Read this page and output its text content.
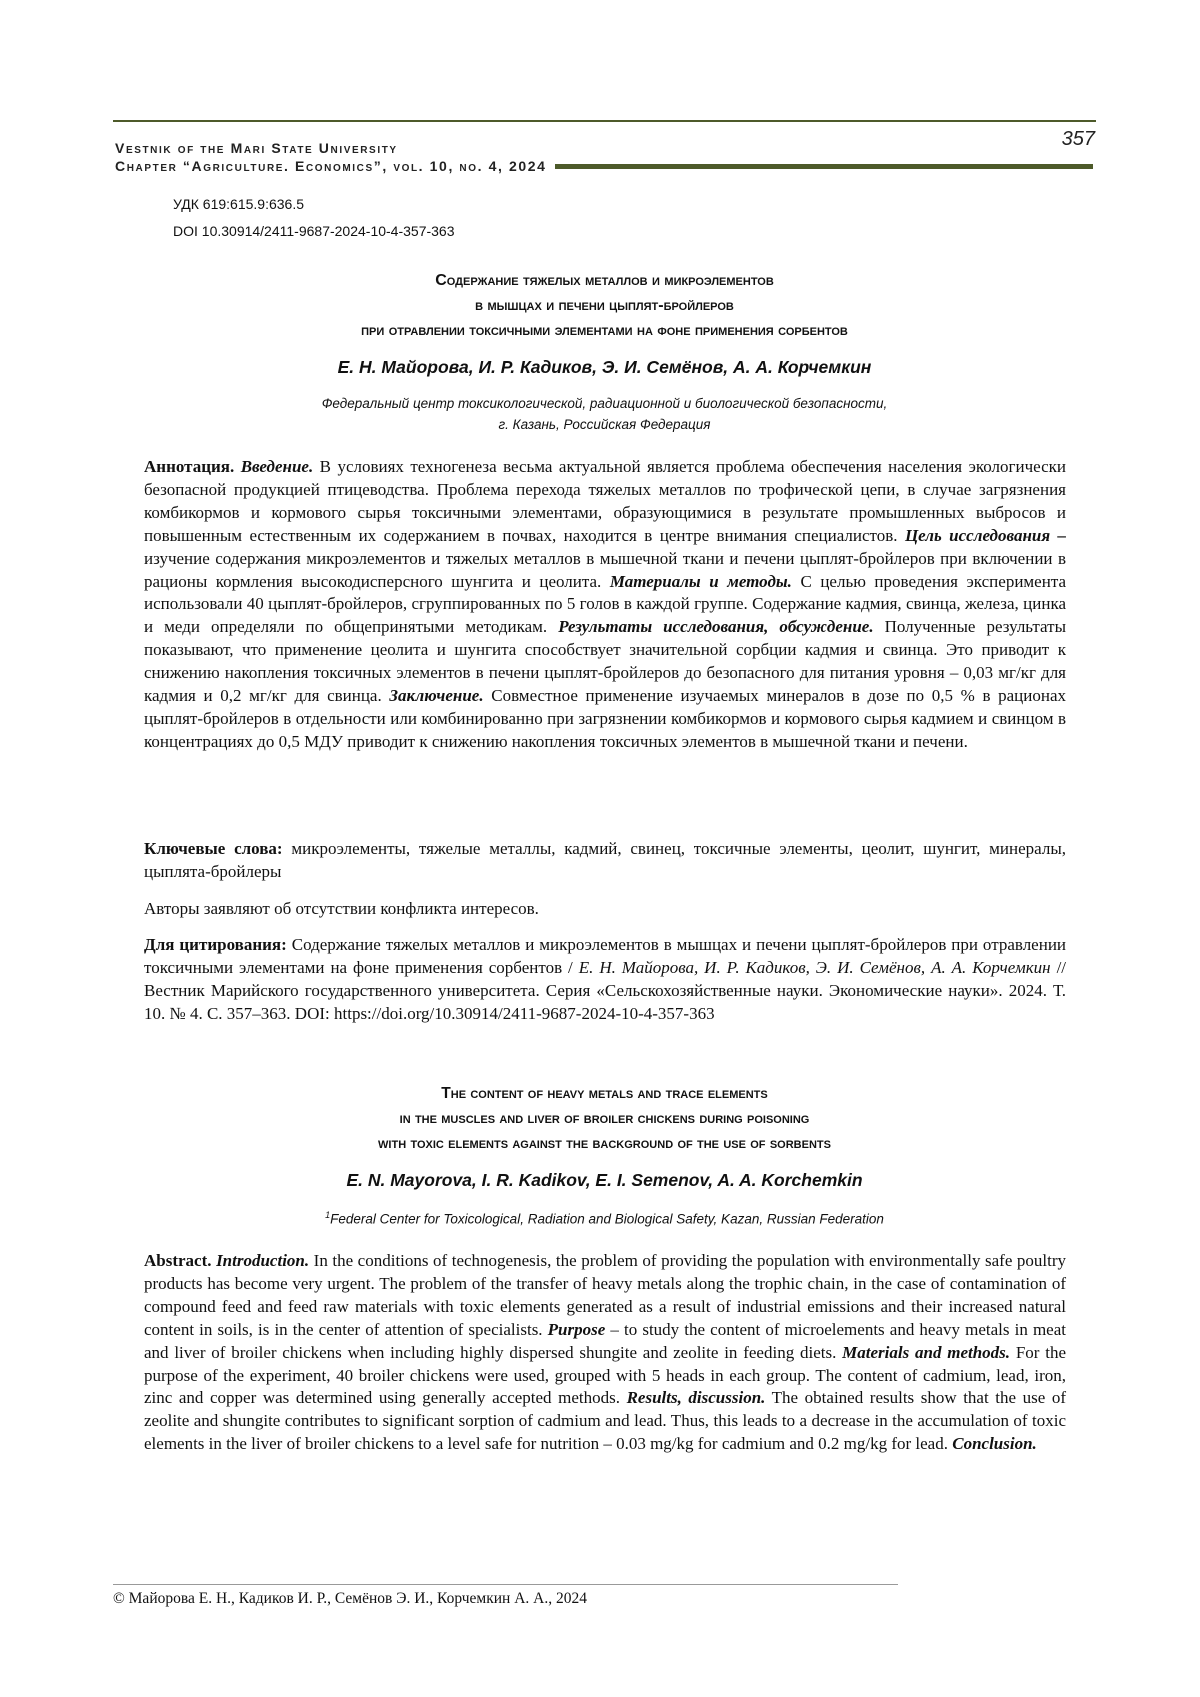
357
Vestnik of the Mari State University
Chapter “Agriculture. Economics”, vol. 10, no. 4, 2024
УДК 619:615.9:636.5
DOI 10.30914/2411-9687-2024-10-4-357-363
Содержание тяжелых металлов и микроэлементов
в мышцах и печени цыплят-бройлеров
при отравлении токсичными элементами на фоне применения сорбентов
Е. Н. Майорова, И. Р. Кадиков, Э. И. Семёнов, А. А. Корчемкин
Федеральный центр токсикологической, радиационной и биологической безопасности,
г. Казань, Российская Федерация
Аннотация. Введение. В условиях техногенеза весьма актуальной является проблема обеспечения населения экологически безопасной продукцией птицеводства. Проблема перехода тяжелых металлов по трофической цепи, в случае загрязнения комбикормов и кормового сырья токсичными элементами, образующимися в результате промышленных выбросов и повышенным естественным их содержанием в почвах, находится в центре внимания специалистов. Цель исследования – изучение содержания микроэлементов и тяжелых металлов в мышечной ткани и печени цыплят-бройлеров при включении в рационы кормления высокодисперсного шунгита и цеолита. Материалы и методы. С целью проведения эксперимента использовали 40 цыплят-бройлеров, сгруппированных по 5 голов в каждой группе. Содержание кадмия, свинца, железа, цинка и меди определяли по общепринятыми методикам. Результаты исследования, обсуждение. Полученные результаты показывают, что применение цеолита и шунгита способствует значительной сорбции кадмия и свинца. Это приводит к снижению накопления токсичных элементов в печени цыплят-бройлеров до безопасного для питания уровня – 0,03 мг/кг для кадмия и 0,2 мг/кг для свинца. Заключение. Совместное применение изучаемых минералов в дозе по 0,5 % в рационах цыплят-бройлеров в отдельности или комбинированно при загрязнении комбикормов и кормового сырья кадмием и свинцом в концентрациях до 0,5 МДУ приводит к снижению накопления токсичных элементов в мышечной ткани и печени.
Ключевые слова: микроэлементы, тяжелые металлы, кадмий, свинец, токсичные элементы, цеолит, шунгит, минералы, цыплята-бройлеры
Авторы заявляют об отсутствии конфликта интересов.
Для цитирования: Содержание тяжелых металлов и микроэлементов в мышцах и печени цыплят-бройлеров при отравлении токсичными элементами на фоне применения сорбентов / Е. Н. Майорова, И. Р. Кадиков, Э. И. Семёнов, А. А. Корчемкин // Вестник Марийского государственного университета. Серия «Сельскохозяйственные науки. Экономические науки». 2024. Т. 10. № 4. С. 357–363. DOI: https://doi.org/10.30914/2411-9687-2024-10-4-357-363
The content of heavy metals and trace elements
in the muscles and liver of broiler chickens during poisoning
with toxic elements against the background of the use of sorbents
E. N. Mayorova, I. R. Kadikov, E. I. Semenov, A. A. Korchemkin
$^1$Federal Center for Toxicological, Radiation and Biological Safety, Kazan, Russian Federation
Abstract. Introduction. In the conditions of technogenesis, the problem of providing the population with environmentally safe poultry products has become very urgent. The problem of the transfer of heavy metals along the trophic chain, in the case of contamination of compound feed and feed raw materials with toxic elements generated as a result of industrial emissions and their increased natural content in soils, is in the center of attention of specialists. Purpose – to study the content of microelements and heavy metals in meat and liver of broiler chickens when including highly dispersed shungite and zeolite in feeding diets. Materials and methods. For the purpose of the experiment, 40 broiler chickens were used, grouped with 5 heads in each group. The content of cadmium, lead, iron, zinc and copper was determined using generally accepted methods. Results, discussion. The obtained results show that the use of zeolite and shungite contributes to significant sorption of cadmium and lead. Thus, this leads to a decrease in the accumulation of toxic elements in the liver of broiler chickens to a level safe for nutrition – 0.03 mg/kg for cadmium and 0.2 mg/kg for lead. Conclusion.
© Майорова Е. Н., Кадиков И. Р., Семёнов Э. И., Корчемкин А. А., 2024
